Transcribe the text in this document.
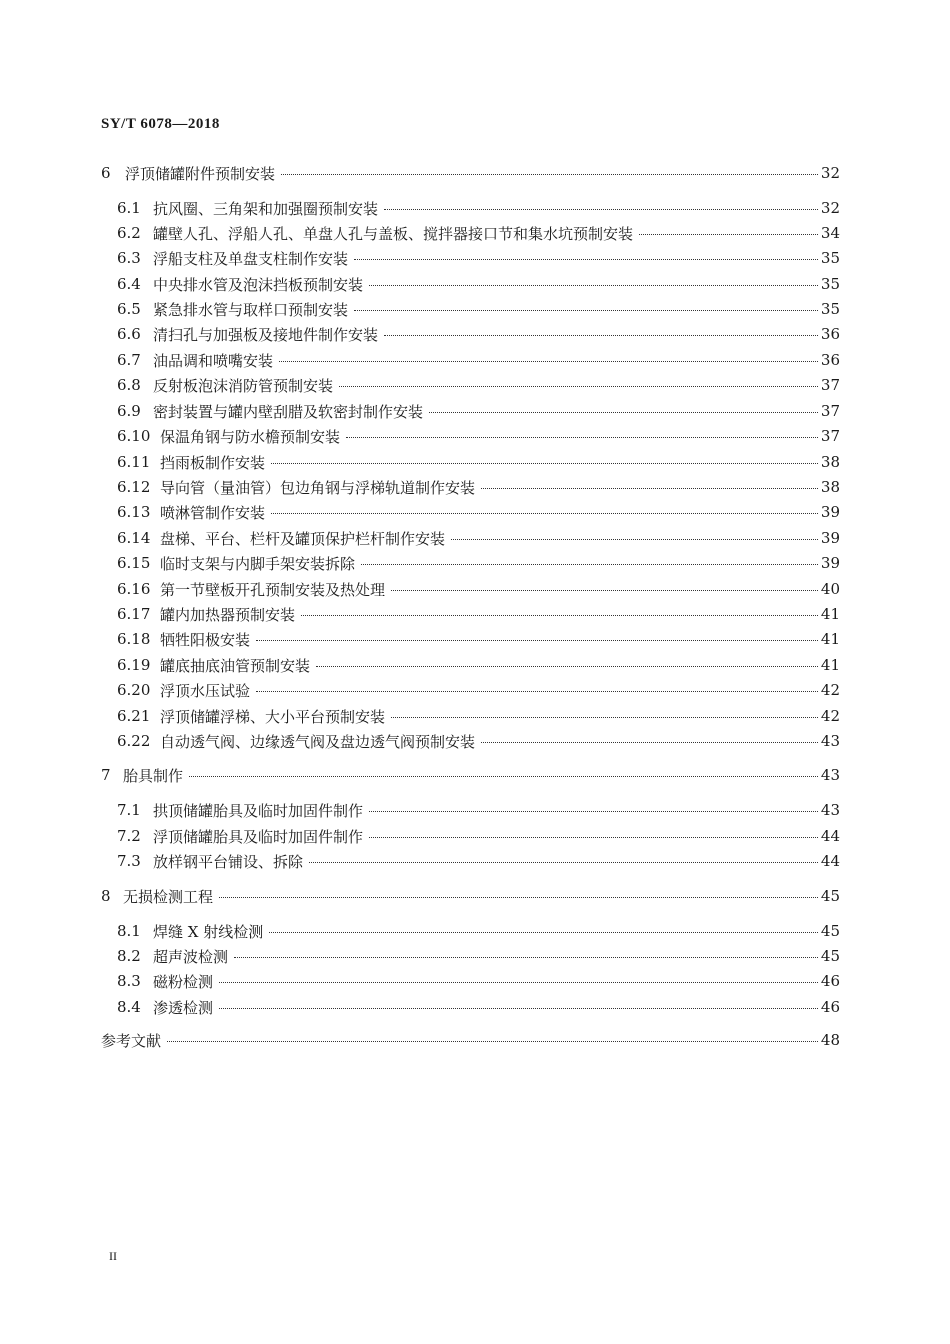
SY/T 6078—2018
6 浮顶储罐附件预制安装	32
6.1 抗风圈、三角架和加强圈预制安装	32
6.2 罐壁人孔、浮船人孔、单盘人孔与盖板、搅拌器接口节和集水坑预制安装	34
6.3 浮船支柱及单盘支柱制作安装	35
6.4 中央排水管及泡沫挡板预制安装	35
6.5 紧急排水管与取样口预制安装	35
6.6 清扫孔与加强板及接地件制作安装	36
6.7 油品调和喷嘴安装	36
6.8 反射板泡沫消防管预制安装	37
6.9 密封装置与罐内壁刮腊及软密封制作安装	37
6.10 保温角钢与防水檐预制安装	37
6.11 挡雨板制作安装	38
6.12 导向管（量油管）包边角钢与浮梯轨道制作安装	38
6.13 喷淋管制作安装	39
6.14 盘梯、平台、栏杆及罐顶保护栏杆制作安装	39
6.15 临时支架与内脚手架安装拆除	39
6.16 第一节壁板开孔预制安装及热处理	40
6.17 罐内加热器预制安装	41
6.18 牺牲阳极安装	41
6.19 罐底抽底油管预制安装	41
6.20 浮顶水压试验	42
6.21 浮顶储罐浮梯、大小平台预制安装	42
6.22 自动透气阀、边缘透气阀及盘边透气阀预制安装	43
7 胎具制作	43
7.1 拱顶储罐胎具及临时加固件制作	43
7.2 浮顶储罐胎具及临时加固件制作	44
7.3 放样钢平台铺设、拆除	44
8 无损检测工程	45
8.1 焊缝 X 射线检测	45
8.2 超声波检测	45
8.3 磁粉检测	46
8.4 渗透检测	46
参考文献	48
II
